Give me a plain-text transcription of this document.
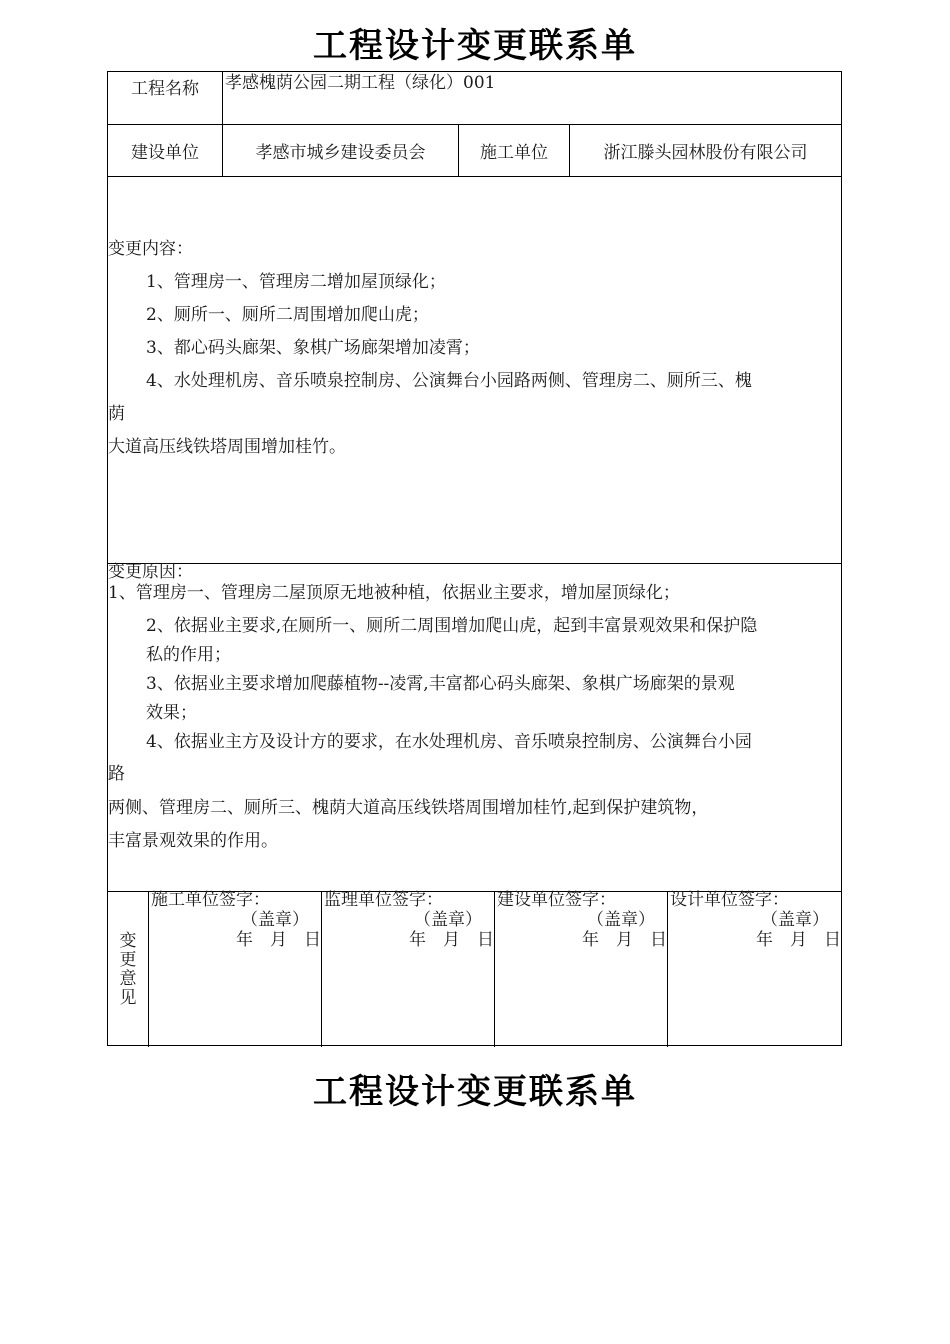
工程设计变更联系单
工程名称	孝感槐荫公园二期工程（绿化）001
建设单位	孝感市城乡建设委员会	施工单位	浙江滕头园林股份有限公司

变更内容：

1、管理房一、管理房二增加屋顶绿化；

2、厕所一、厕所二周围增加爬山虎；

3、都心码头廊架、象棋广场廊架增加凌霄；

4、水处理机房、音乐喷泉控制房、公演舞台小园路两侧、管理房二、厕所三、槐

荫

大道高压线铁塔周围增加桂竹。

变更原因：

1、管理房一、管理房二屋顶原无地被种植，依据业主要求，增加屋顶绿化；

2、依据业主要求,在厕所一、厕所二周围增加爬山虎，起到丰富景观效果和保护隐

私的作用；

3、依据业主要求增加爬藤植物--凌霄,丰富都心码头廊架、象棋广场廊架的景观

效果；

4、依据业主方及设计方的要求，在水处理机房、音乐喷泉控制房、公演舞台小园

路

两侧、管理房二、厕所三、槐荫大道高压线铁塔周围增加桂竹,起到保护建筑物，

丰富景观效果的作用。

变更意见
施工单位签字：
（盖章）
年　月　日
监理单位签字：
（盖章）
年　月　日
建设单位签字：
（盖章）
年　月　日
设计单位签字：
（盖章）
年　月　日
工程设计变更联系单
